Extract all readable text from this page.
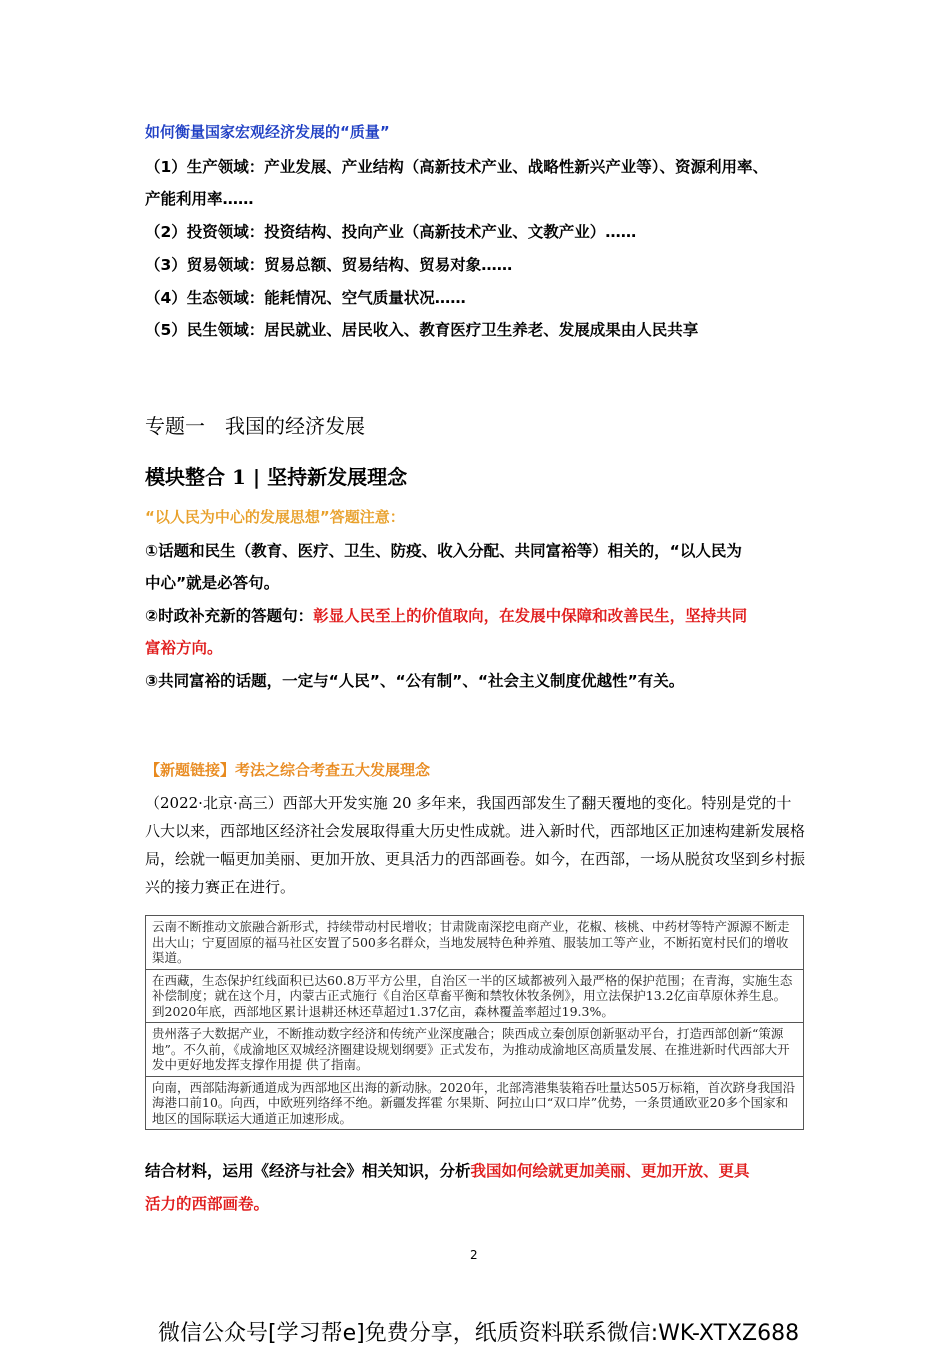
如何衡量国家宏观经济发展的“质量”
（1）生产领域：产业发展、产业结构（高新技术产业、战略性新兴产业等）、资源利用率、
产能利用率……
（2）投资领域：投资结构、投向产业（高新技术产业、文教产业）……
（3）贸易领域：贸易总额、贸易结构、贸易对象……
（4）生态领域：能耗情况、空气质量状况……
（5）民生领域：居民就业、居民收入、教育医疗卫生养老、发展成果由人民共享
专题一　我国的经济发展
模块整合 1 | 坚持新发展理念
“以人民为中心的发展思想”答题注意：
①话题和民生（教育、医疗、卫生、防疫、收入分配、共同富裕等）相关的，“以人民为
中心”就是必答句。
②时政补充新的答题句：彰显人民至上的价值取向，在发展中保障和改善民生，坚持共同
富裕方向。
③共同富裕的话题，一定与“人民”、“公有制”、“社会主义制度优越性”有关。
【新题链接】考法之综合考查五大发展理念
（2022·北京·高三）西部大开发实施 20 多年来，我国西部发生了翻天覆地的变化。特别是党的十八大以来，西部地区经济社会发展取得重大历史性成就。进入新时代，西部地区正加速构建新发展格局，绘就一幅更加美丽、更加开放、更具活力的西部画卷。如今，在西部，一场从脱贫攻坚到乡村振兴的接力赛正在进行。
云南不断推动文旅融合新形式，持续带动村民增收；甘肃陇南深挖电商产业，花椒、核桃、中药材等特产源源不断走出大山；宁夏固原的福马社区安置了500多名群众，当地发展特色种养殖、服装加工等产业，不断拓宽村民们的增收渠道。
在西藏，生态保护红线面积已达60.8万平方公里，自治区一半的区域都被列入最严格的保护范围；在青海，实施生态补偿制度；就在这个月，内蒙古正式施行《自治区草畜平衡和禁牧休牧条例》，用立法保护13.2亿亩草原休养生息。到2020年底，西部地区累计退耕还林还草超过1.37亿亩，森林覆盖率超过19.3%。
贵州落子大数据产业，不断推动数字经济和传统产业深度融合；陕西成立秦创原创新驱动平台，打造西部创新“策源地”。不久前，《成渝地区双城经济圈建设规划纲要》正式发布，为推动成渝地区高质量发展、在推进新时代西部大开发中更好地发挥支撑作用提 供了指南。
向南，西部陆海新通道成为西部地区出海的新动脉。2020年，北部湾港集装箱吞吐量达505万标箱，首次跻身我国沿海港口前10。向西，中欧班列络绎不绝。新疆发挥霍 尔果斯、阿拉山口“双口岸”优势，一条贯通欧亚20多个国家和地区的国际联运大通道正加速形成。
结合材料，运用《经济与社会》相关知识，分析我国如何绘就更加美丽、更加开放、更具
活力的西部画卷。
2
微信公众号[学习帮e]免费分享，纸质资料联系微信:WK-XTXZ688
